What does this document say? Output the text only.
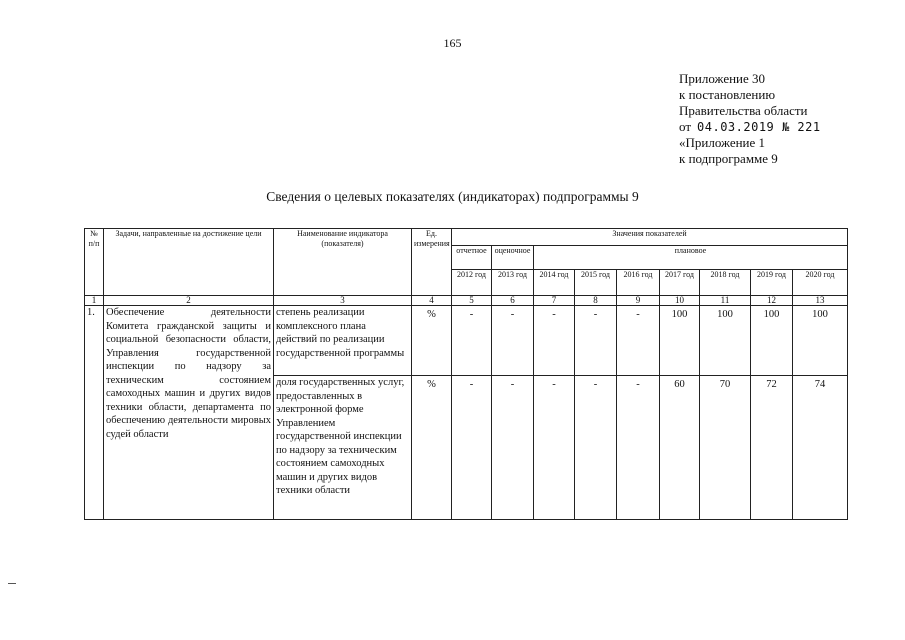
165
Приложение 30
к постановлению
Правительства области
от 04.03.2019 № 221
«Приложение 1
к подпрограмме 9
Сведения о целевых показателях (индикаторах) подпрограммы 9
№ п/п	Задачи, направленные на достижение цели	Наименование индикатора (показателя)	Ед. измерения	Значения показателей								
				отчетное	оценочное	плановое						
				2012 год	2013 год	2014 год	2015 год	2016 год	2017 год	2018 год	2019 год	2020 год
1	2	3	4	5	6	7	8	9	10	11	12	13
1.	Обеспечение деятельности Комитета гражданской защиты и социальной безопасности области, Управления государственной инспекции по надзору за техническим состоянием самоходных машин и других видов техники области, департамента по обеспечению деятельности мировых судей области	степень реализации комплексного плана действий по реализации государственной программы	%	-	-	-	-	-	100	100	100	100
		доля государственных услуг, предоставленных в электронной форме Управлением государственной инспекции по надзору за техническим состоянием самоходных машин и других видов техники области	%	-	-	-	-	-	60	70	72	74
